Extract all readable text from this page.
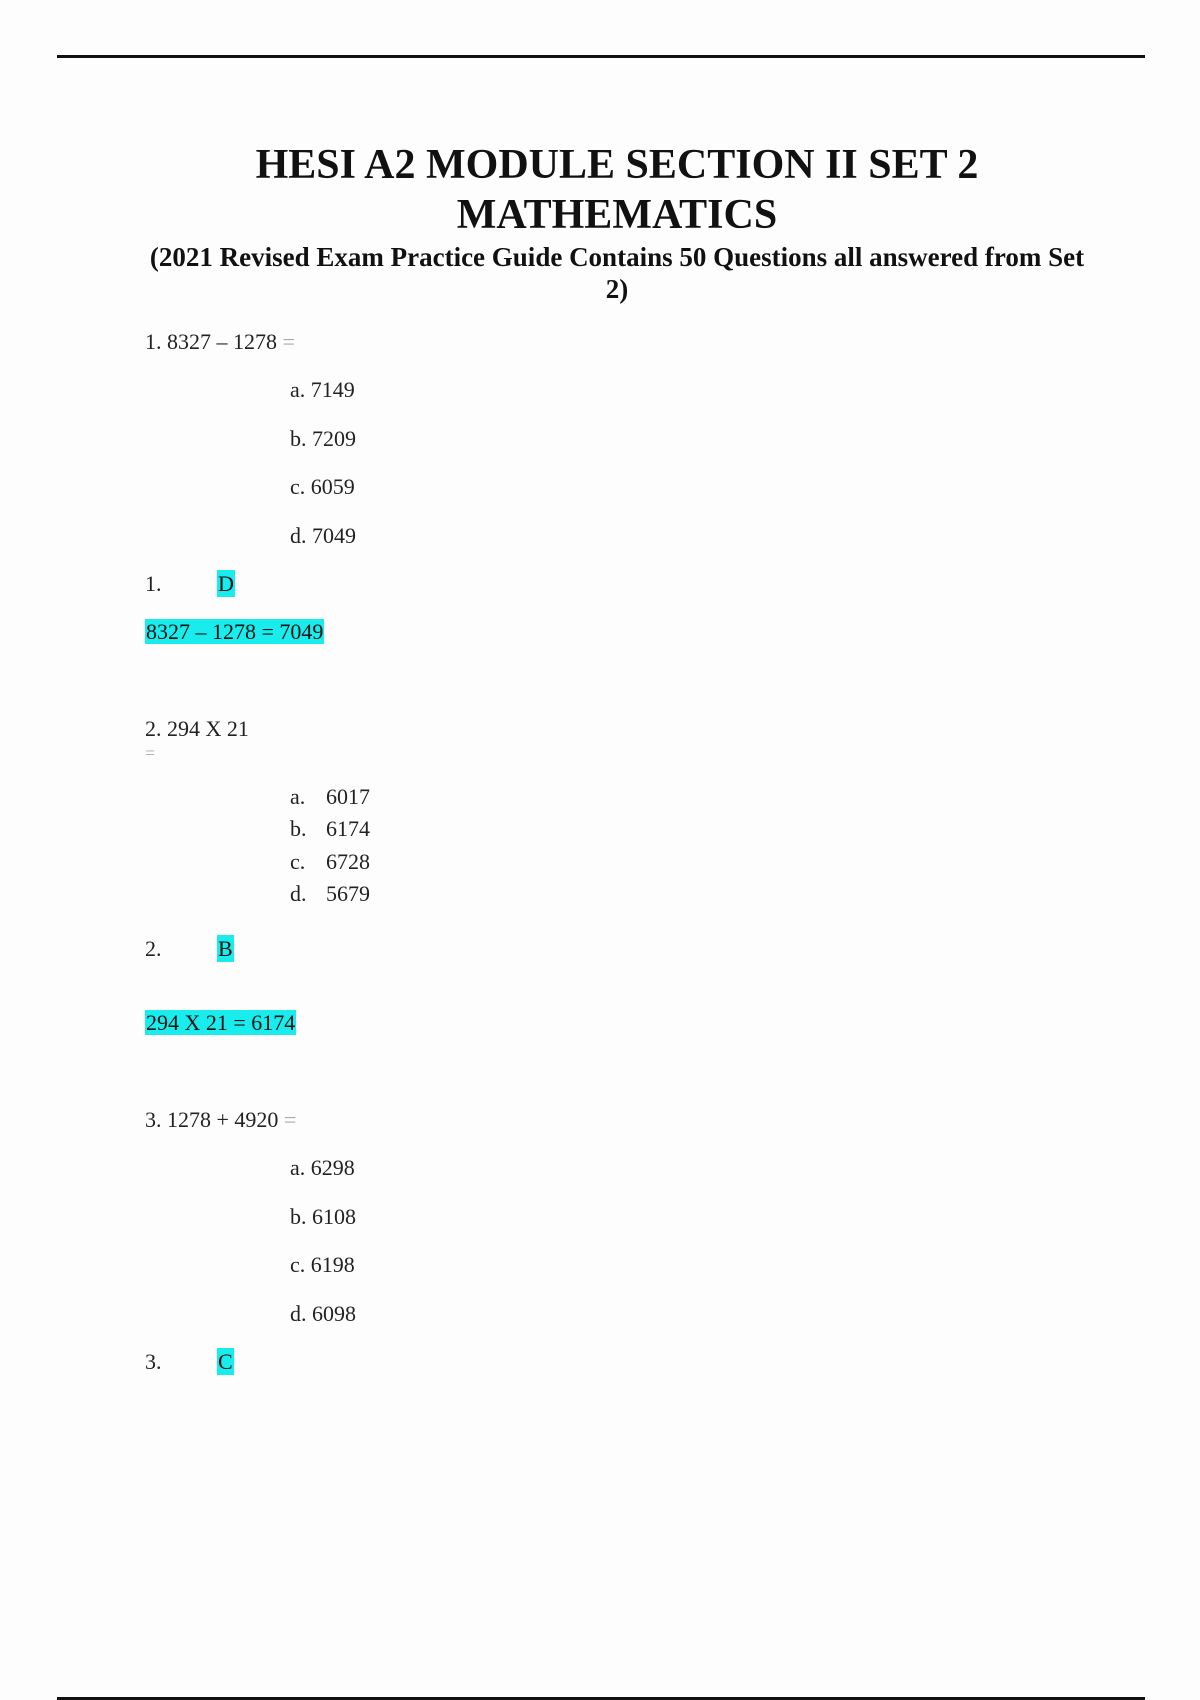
HESI A2 MODULE SECTION II SET 2
MATHEMATICS
(2021 Revised Exam Practice Guide Contains 50 Questions all answered from Set 2)
1. 8327 – 1278 =
a. 7149
b. 7209
c. 6059
d. 7049
1.	D
8327 – 1278 = 7049
2. 294 X 21
=
a. 6017
b. 6174
c. 6728
d. 5679
2.	B
294 X 21 = 6174
3. 1278 + 4920 =
a. 6298
b. 6108
c. 6198
d. 6098
3.	C
